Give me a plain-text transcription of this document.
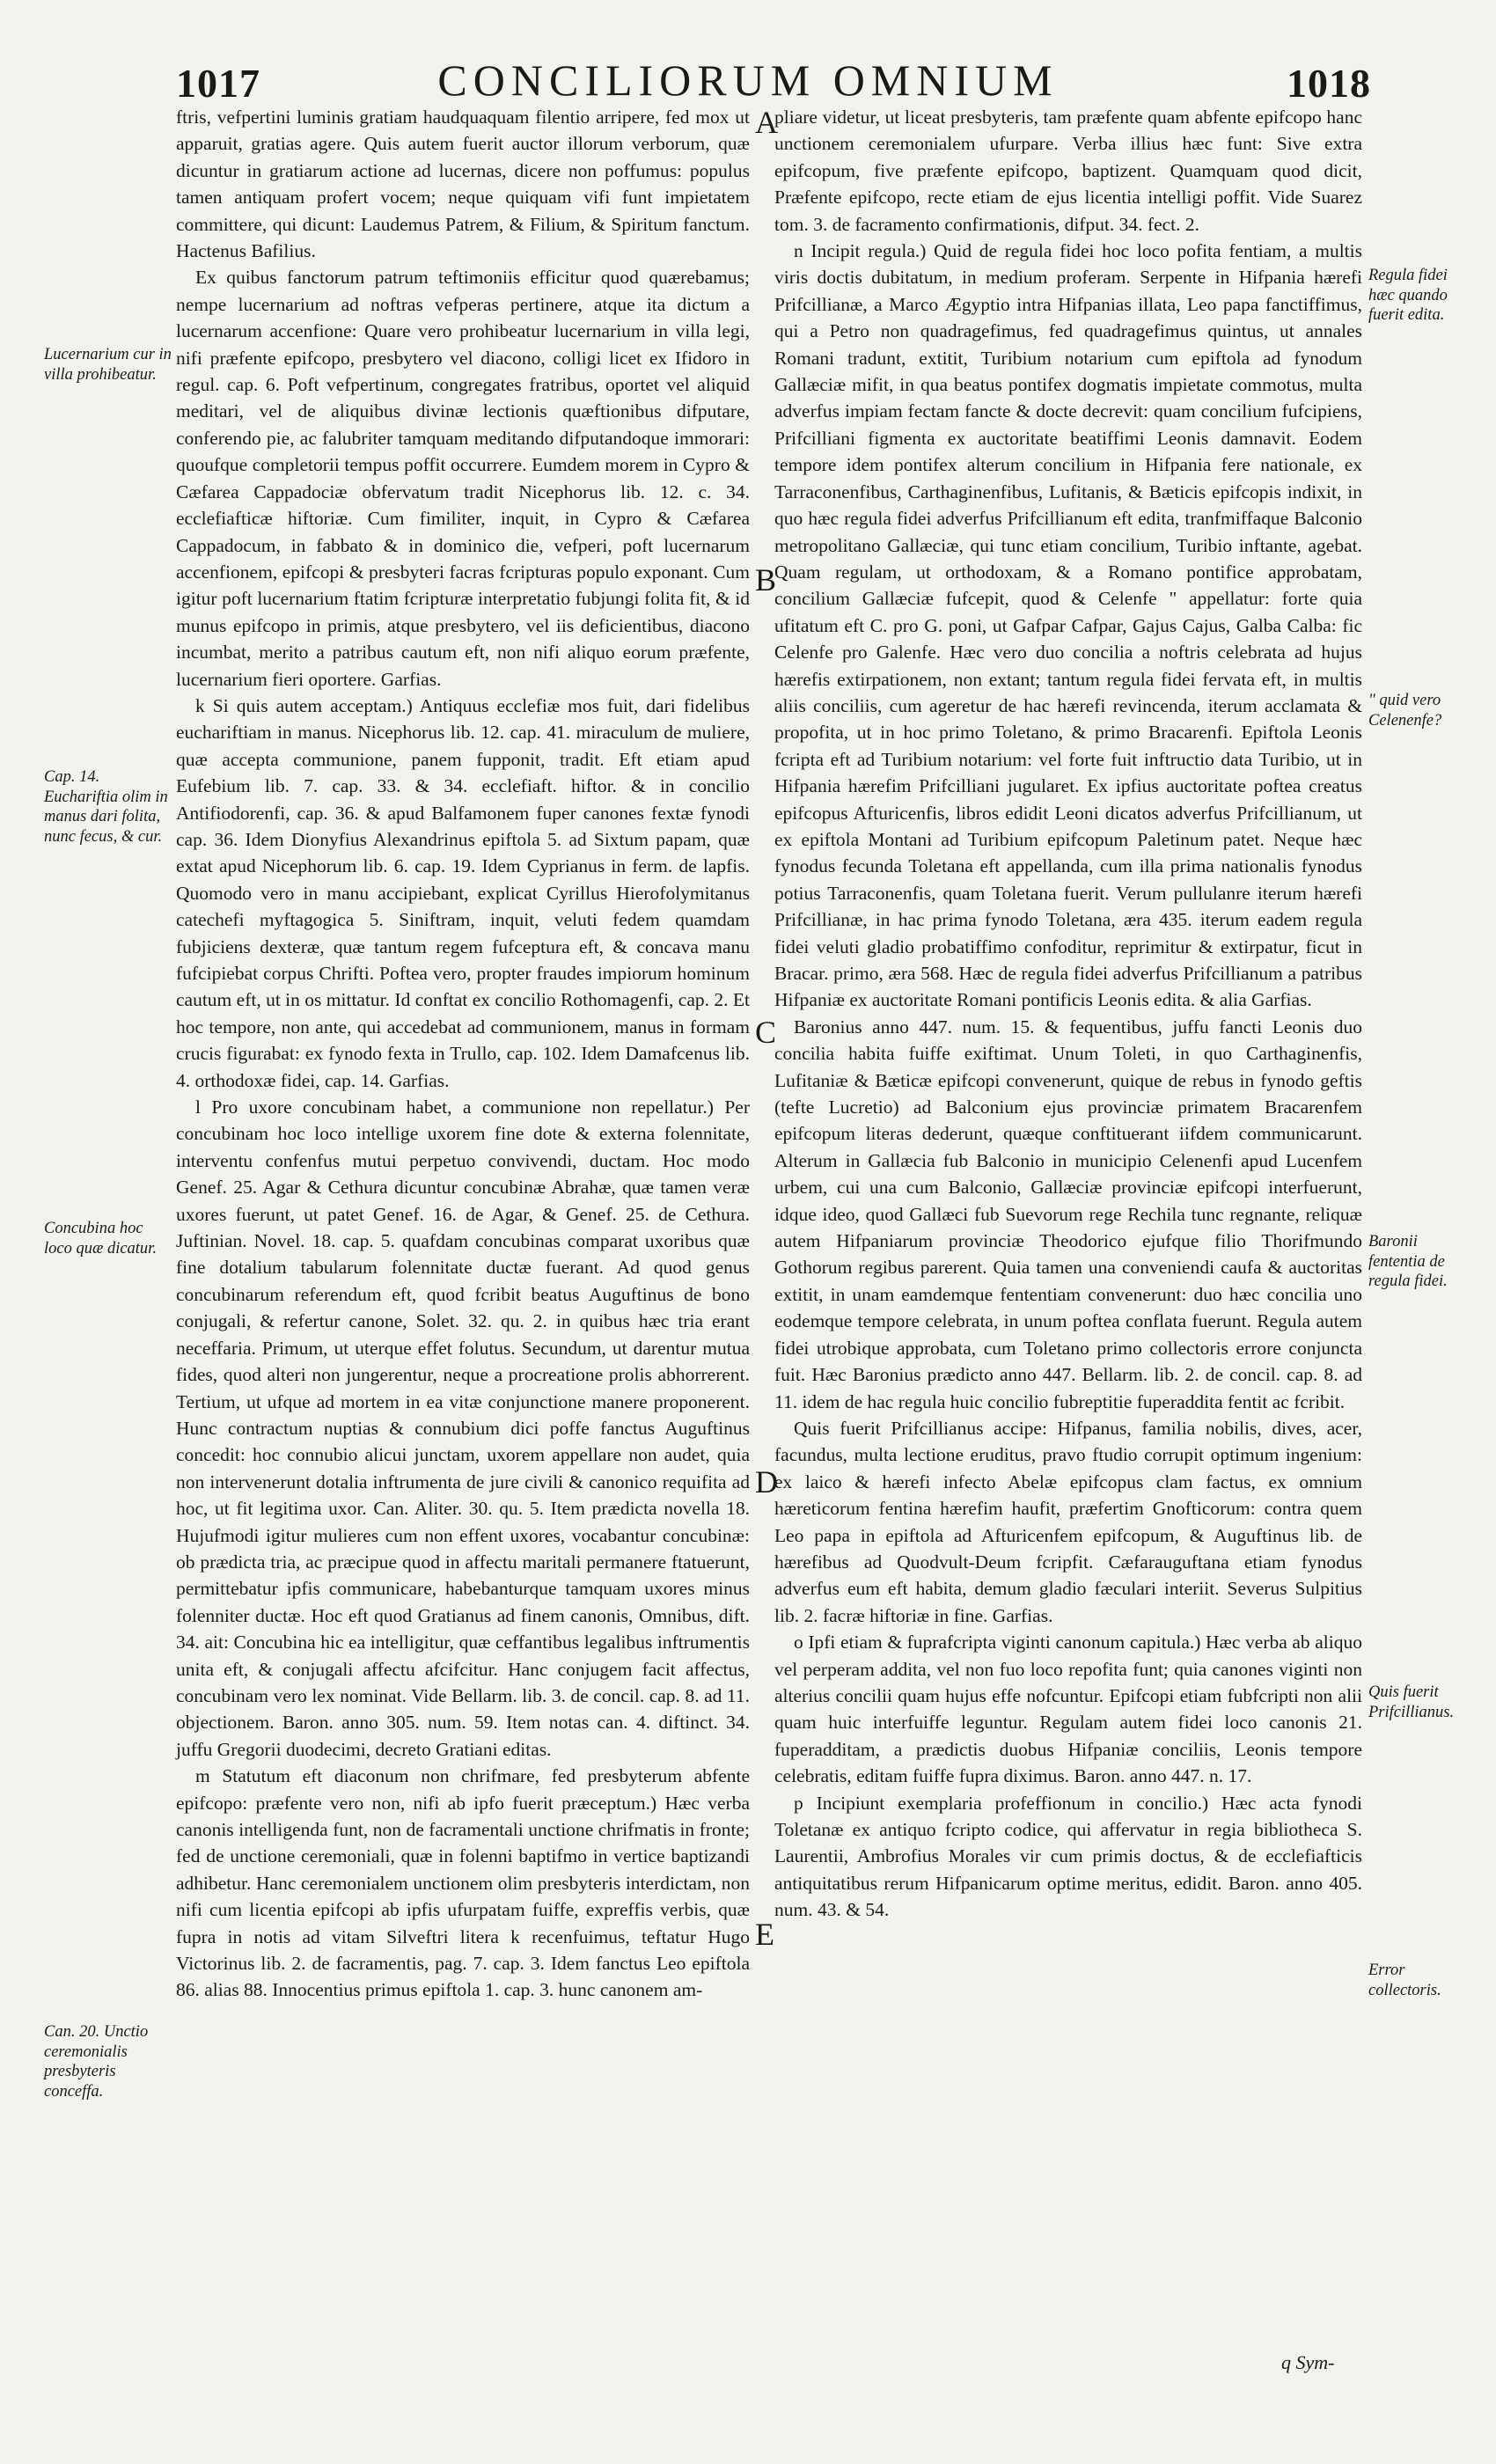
1017	CONCILIORUM OMNIUM	1018

ftris, vefpertini luminis gratiam haudquaquam filentio arripere, fed mox ut apparuit, gratias agere. Quis autem fuerit auctor illorum verborum, quæ dicuntur in gratiarum actione ad lucernas, dicere non poffumus: populus tamen antiquam profert vocem; neque quiquam vifi funt impietatem committere, qui dicunt: Laudemus Patrem, & Filium, & Spiritum fanctum. Hactenus Bafilius.

Ex quibus fanctorum patrum teftimoniis efficitur quod quærebamus; nempe lucernarium ad noftras vefperas pertinere, atque ita dictum a lucernarum accenfione: Quare vero prohibeatur lucernarium in villa legi, nifi præfente epifcopo, presbytero vel diacono, colligi licet ex Ifidoro in regul. cap. 6. Poft vefpertinum, congregates fratribus, oportet vel aliquid meditari, vel de aliquibus divinæ lectionis quæftionibus difputare, conferendo pie, ac falubriter tamquam meditando difputandoque immorari: quoufque completorii tempus poffit occurrere. Eumdem morem in Cypro & Cæfarea Cappadociæ obfervatum tradit Nicephorus lib. 12. c. 34. ecclefiafticæ hiftoriæ. Cum fimiliter, inquit, in Cypro & Cæfarea Cappadocum, in fabbato & in dominico die, vefperi, poft lucernarum accenfionem, epifcopi & presbyteri facras fcripturas populo exponant. Cum igitur poft lucernarium ftatim fcripturæ interpretatio fubjungi folita fit, & id munus epifcopo in primis, atque presbytero, vel iis deficientibus, diacono incumbat, merito a patribus cautum eft, non nifi aliquo eorum præfente, lucernarium fieri oportere. Garfias.

k Si quis autem acceptam.) Antiquus ecclefiæ mos fuit, dari fidelibus euchariftiam in manus. Nicephorus lib. 12. cap. 41. miraculum de muliere, quæ accepta communione, panem fupponit, tradit. Eft etiam apud Eufebium lib. 7. cap. 33. & 34. ecclefiaft. hiftor. & in concilio Antifiodorenfi, cap. 36. & apud Balfamonem fuper canones fextæ fynodi cap. 36. Idem Dionyfius Alexandrinus epiftola 5. ad Sixtum papam, quæ extat apud Nicephorum lib. 6. cap. 19. Idem Cyprianus in ferm. de lapfis. Quomodo vero in manu accipiebant, explicat Cyrillus Hierofolymitanus catechefi myftagogica 5. Siniftram, inquit, veluti fedem quamdam fubjiciens dexteræ, quæ tantum regem fufceptura eft, & concava manu fufcipiebat corpus Chrifti. Poftea vero, propter fraudes impiorum hominum cautum eft, ut in os mittatur. Id conftat ex concilio Rothomagenfi, cap. 2. Et hoc tempore, non ante, qui accedebat ad communionem, manus in formam crucis figurabat: ex fynodo fexta in Trullo, cap. 102. Idem Damafcenus lib. 4. orthodoxæ fidei, cap. 14. Garfias.

l Pro uxore concubinam habet, a communione non repellatur.) Per concubinam hoc loco intellige uxorem fine dote & externa folennitate, interventu confenfus mutui perpetuo convivendi, ductam. Hoc modo Genef. 25. Agar & Cethura dicuntur concubinæ Abrahæ, quæ tamen veræ uxores fuerunt, ut patet Genef. 16. de Agar, & Genef. 25. de Cethura. Juftinian. Novel. 18. cap. 5. quafdam concubinas comparat uxoribus quæ fine dotalium tabularum folennitate ductæ fuerant. Ad quod genus concubinarum referendum eft, quod fcribit beatus Auguftinus de bono conjugali, & refertur canone, Solet. 32. qu. 2. in quibus hæc tria erant neceffaria. Primum, ut uterque effet folutus. Secundum, ut darentur mutua fides, quod alteri non jungerentur, neque a procreatione prolis abhorrerent. Tertium, ut ufque ad mortem in ea vitæ conjunctione manere proponerent. Hunc contractum nuptias & connubium dici poffe fanctus Auguftinus concedit: hoc connubio alicui junctam, uxorem appellare non audet, quia non intervenerunt dotalia inftrumenta de jure civili & canonico requifita ad hoc, ut fit legitima uxor. Can. Aliter. 30. qu. 5. Item prædicta novella 18. Hujufmodi igitur mulieres cum non effent uxores, vocabantur concubinæ: ob prædicta tria, ac præcipue quod in affectu maritali permanere ftatuerunt, permittebatur ipfis communicare, habebanturque tamquam uxores minus folenniter ductæ. Hoc eft quod Gratianus ad finem canonis, Omnibus, dift. 34. ait: Concubina hic ea intelligitur, quæ ceffantibus legalibus inftrumentis unita eft, & conjugali affectu afcifcitur. Hanc conjugem facit affectus, concubinam vero lex nominat. Vide Bellarm. lib. 3. de concil. cap. 8. ad 11. objectionem. Baron. anno 305. num. 59. Item notas can. 4. diftinct. 34. juffu Gregorii duodecimi, decreto Gratiani editas.

m Statutum eft diaconum non chrifmare, fed presbyterum abfente epifcopo: præfente vero non, nifi ab ipfo fuerit præceptum.) Hæc verba canonis intelligenda funt, non de facramentali unctione chrifmatis in fronte; fed de unctione ceremoniali, quæ in folenni baptifmo in vertice baptizandi adhibetur. Hanc ceremonialem unctionem olim presbyteris interdictam, non nifi cum licentia epifcopi ab ipfis ufurpatam fuiffe, expreffis verbis, quæ fupra in notis ad vitam Silveftri litera k recenfuimus, teftatur Hugo Victorinus lib. 2. de facramentis, pag. 7. cap. 3. Idem fanctus Leo epiftola 86. alias 88. Innocentius primus epiftola 1. cap. 3. hunc canonem am-

pliare videtur, ut liceat presbyteris, tam præfente quam abfente epifcopo hanc unctionem ceremonialem ufurpare. Verba illius hæc funt: Sive extra epifcopum, five præfente epifcopo, baptizent. Quamquam quod dicit, Præfente epifcopo, recte etiam de ejus licentia intelligi poffit. Vide Suarez tom. 3. de facramento confirmationis, difput. 34. fect. 2.

n Incipit regula.) Quid de regula fidei hoc loco pofita fentiam, a multis viris doctis dubitatum, in medium proferam. Serpente in Hifpania hærefi Prifcillianæ, a Marco Ægyptio intra Hifpanias illata, Leo papa fanctiffimus, qui a Petro non quadragefimus, fed quadragefimus quintus, ut annales Romani tradunt, extitit, Turibium notarium cum epiftola ad fynodum Gallæciæ mifit, in qua beatus pontifex dogmatis impietate commotus, multa adverfus impiam fectam fancte & docte decrevit: quam concilium fufcipiens, Prifcilliani figmenta ex auctoritate beatiffimi Leonis damnavit. Eodem tempore idem pontifex alterum concilium in Hifpania fere nationale, ex Tarraconenfibus, Carthaginenfibus, Lufitanis, & Bæticis epifcopis indixit, in quo hæc regula fidei adverfus Prifcillianum eft edita, tranfmiffaque Balconio metropolitano Gallæciæ, qui tunc etiam concilium, Turibio inftante, agebat. Quam regulam, ut orthodoxam, & a Romano pontifice approbatam, concilium Gallæciæ fufcepit, quod & Celenfe " appellatur: forte quia ufitatum eft C. pro G. poni, ut Gafpar Cafpar, Gajus Cajus, Galba Calba: fic Celenfe pro Galenfe. Hæc vero duo concilia a noftris celebrata ad hujus hærefis extirpationem, non extant; tantum regula fidei fervata eft, in multis aliis conciliis, cum ageretur de hac hærefi revincenda, iterum acclamata & propofita, ut in hoc primo Toletano, & primo Bracarenfi. Epiftola Leonis fcripta eft ad Turibium notarium: vel forte fuit inftructio data Turibio, ut in Hifpania hærefim Prifcilliani jugularet. Ex ipfius auctoritate poftea creatus epifcopus Afturicenfis, libros edidit Leoni dicatos adverfus Prifcillianum, ut ex epiftola Montani ad Turibium epifcopum Paletinum patet. Neque hæc fynodus fecunda Toletana eft appellanda, cum illa prima nationalis fynodus potius Tarraconenfis, quam Toletana fuerit. Verum pullulanre iterum hærefi Prifcillianæ, in hac prima fynodo Toletana, æra 435. iterum eadem regula fidei veluti gladio probatiffimo confoditur, reprimitur & extirpatur, ficut in Bracar. primo, æra 568. Hæc de regula fidei adverfus Prifcillianum a patribus Hifpaniæ ex auctoritate Romani pontificis Leonis edita. & alia Garfias.

Baronius anno 447. num. 15. & fequentibus, juffu fancti Leonis duo concilia habita fuiffe exiftimat. Unum Toleti, in quo Carthaginenfis, Lufitaniæ & Bæticæ epifcopi convenerunt, quique de rebus in fynodo geftis (tefte Lucretio) ad Balconium ejus provinciæ primatem Bracarenfem epifcopum literas dederunt, quæque conftituerant iifdem communicarunt. Alterum in Gallæcia fub Balconio in municipio Celenenfi apud Lucenfem urbem, cui una cum Balconio, Gallæciæ provinciæ epifcopi interfuerunt, idque ideo, quod Gallæci fub Suevorum rege Rechila tunc regnante, reliquæ autem Hifpaniarum provinciæ Theodorico ejufque filio Thorifmundo Gothorum regibus parerent. Quia tamen una conveniendi caufa & auctoritas extitit, in unam eamdemque fententiam convenerunt: duo hæc concilia uno eodemque tempore celebrata, in unum poftea conflata fuerunt. Regula autem fidei utrobique approbata, cum Toletano primo collectoris errore conjuncta fuit. Hæc Baronius prædicto anno 447. Bellarm. lib. 2. de concil. cap. 8. ad 11. idem de hac regula huic concilio fubreptitie fuperaddita fentit ac fcribit.

Quis fuerit Prifcillianus accipe: Hifpanus, familia nobilis, dives, acer, facundus, multa lectione eruditus, pravo ftudio corrupit optimum ingenium: ex laico & hærefi infecto Abelæ epifcopus clam factus, ex omnium hæreticorum fentina hærefim haufit, præfertim Gnofticorum: contra quem Leo papa in epiftola ad Afturicenfem epifcopum, & Auguftinus lib. de hærefibus ad Quodvult-Deum fcripfit. Cæfarauguftana etiam fynodus adverfus eum eft habita, demum gladio fæculari interiit. Severus Sulpitius lib. 2. facræ hiftoriæ in fine. Garfias.

o Ipfi etiam & fuprafcripta viginti canonum capitula.) Hæc verba ab aliquo vel perperam addita, vel non fuo loco repofita funt; quia canones viginti non alterius concilii quam hujus effe nofcuntur. Epifcopi etiam fubfcripti non alii quam huic interfuiffe leguntur. Regulam autem fidei loco canonis 21. fuperadditam, a prædictis duobus Hifpaniæ conciliis, Leonis tempore celebratis, editam fuiffe fupra diximus. Baron. anno 447. n. 17.

p Incipiunt exemplaria profeffionum in concilio.) Hæc acta fynodi Toletanæ ex antiquo fcripto codice, qui affervatur in regia bibliotheca S. Laurentii, Ambrofius Morales vir cum primis doctus, & de ecclefiafticis antiquitatibus rerum Hifpanicarum optime meritus, edidit. Baron. anno 405. num. 43. & 54.

Lucernarium cur in villa prohibeatur.
Cap. 14. Euchariftia olim in manus dari folita, nunc fecus, & cur.
Concubina hoc loco quæ dicatur.
Can. 20. Unctio ceremonialis presbyteris conceffa.
Regula fidei hæc quando fuerit edita.
" quid vero Celenenfe?
Baronii fententia de regula fidei.
Quis fuerit Prifcillianus.
Error collectoris.
A
B
C
D
E
q Sym-
